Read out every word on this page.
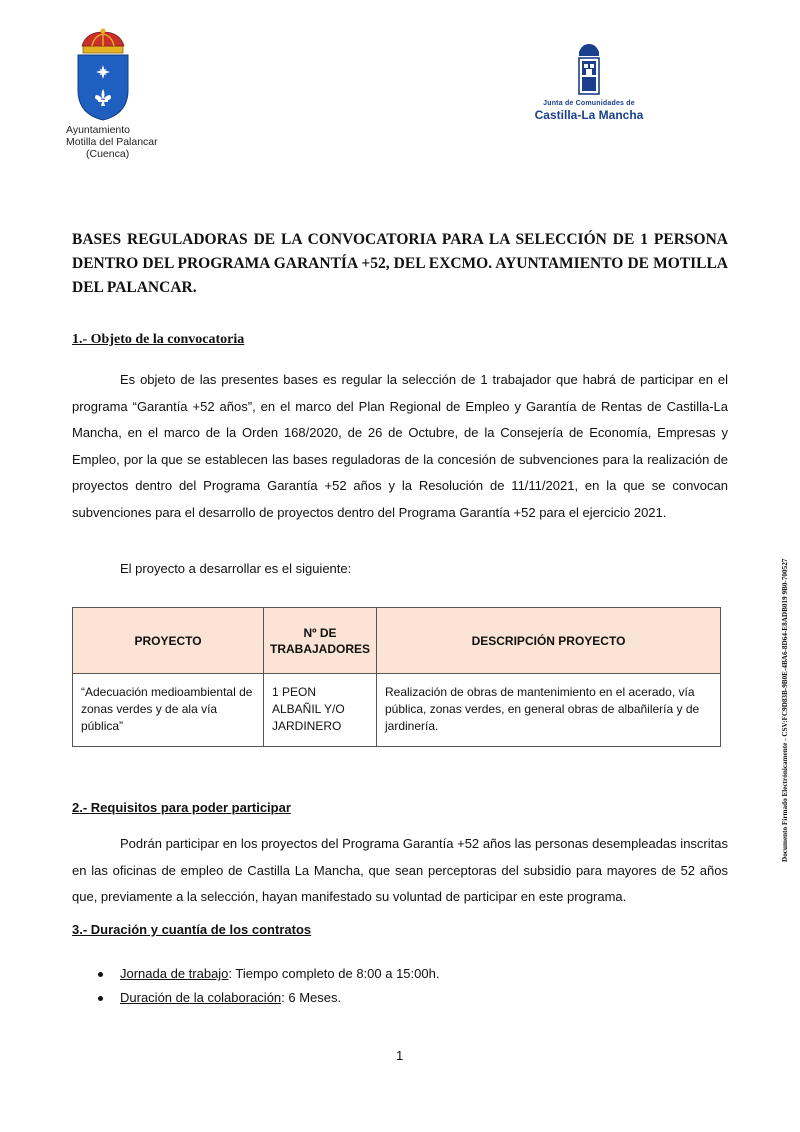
Ayuntamiento
Motilla del Palancar
(Cuenca)
Junta de Comunidades de
Castilla-La Mancha
BASES REGULADORAS DE LA CONVOCATORIA PARA LA SELECCIÓN DE 1 PERSONA DENTRO DEL PROGRAMA GARANTÍA +52, DEL EXCMO. AYUNTAMIENTO DE MOTILLA DEL PALANCAR.
1.- Objeto de la convocatoria
Es objeto de las presentes bases es regular la selección de 1 trabajador que habrá de participar en el programa “Garantía +52 años”, en el marco del Plan Regional de Empleo y Garantía de Rentas de Castilla-La Mancha, en el marco de la Orden 168/2020, de 26 de Octubre, de la Consejería de Economía, Empresas y Empleo, por la que se establecen las bases reguladoras de la concesión de subvenciones para la realización de proyectos dentro del Programa Garantía +52 años y la Resolución de 11/11/2021, en la que se convocan subvenciones para el desarrollo de proyectos dentro del Programa Garantía +52 para el ejercicio 2021.
El proyecto a desarrollar es el siguiente:
PROYECTO	Nº DE TRABAJADORES	DESCRIPCIÓN PROYECTO
“Adecuación medioambiental de zonas verdes y de ala vía pública”	1 PEON ALBAÑIL Y/O JARDINERO	Realización de obras de mantenimiento en el acerado, vía pública, zonas verdes, en general obras de albañilería y de jardinería.
2.- Requisitos para poder participar
Podrán participar en los proyectos del Programa Garantía +52 años las personas desempleadas inscritas en las oficinas de empleo de Castilla La Mancha, que sean perceptoras del subsidio para mayores de 52 años que, previamente a la selección, hayan manifestado su voluntad de participar en este programa.
3.- Duración y cuantía de los contratos
Jornada de trabajo: Tiempo completo de 8:00 a 15:00h.
Duración de la colaboración: 6 Meses.
1
Documento Firmado Electrónicamente - CSV:FC9D83B-9B0E-4BA6-8D64-E8ADB019 9B0-700527
